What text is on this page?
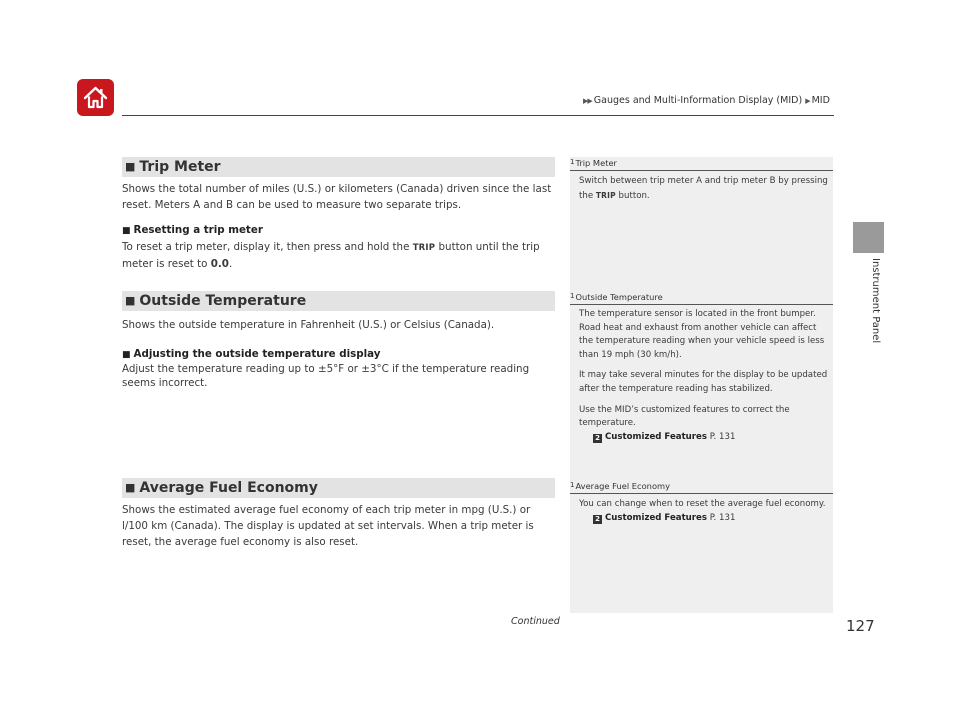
▶▶ Gauges and Multi-Information Display (MID) ▶ MID
Instrument Panel
■ Trip Meter

Shows the total number of miles (U.S.) or kilometers (Canada) driven since the last reset. Meters A and B can be used to measure two separate trips.

■ Resetting a trip meter

To reset a trip meter, display it, then press and hold the TRIP button until the trip meter is reset to 0.0.

■ Outside Temperature

Shows the outside temperature in Fahrenheit (U.S.) or Celsius (Canada).

■ Adjusting the outside temperature display

Adjust the temperature reading up to ±5°F or ±3°C if the temperature reading seems incorrect.

■ Average Fuel Economy

Shows the estimated average fuel economy of each trip meter in mpg (U.S.) or l/100 km (Canada). The display is updated at set intervals. When a trip meter is reset, the average fuel economy is also reset.

$^1$Trip Meter

Switch between trip meter A and trip meter B by pressing the TRIP button.

$^1$Outside Temperature

The temperature sensor is located in the front bumper.

Road heat and exhaust from another vehicle can affect the temperature reading when your vehicle speed is less than 19 mph (30 km/h).

It may take several minutes for the display to be updated after the temperature reading has stabilized.

Use the MID’s customized features to correct the temperature.

2 Customized Features P. 131

$^1$Average Fuel Economy

You can change when to reset the average fuel economy.

2 Customized Features P. 131

Continued	127
